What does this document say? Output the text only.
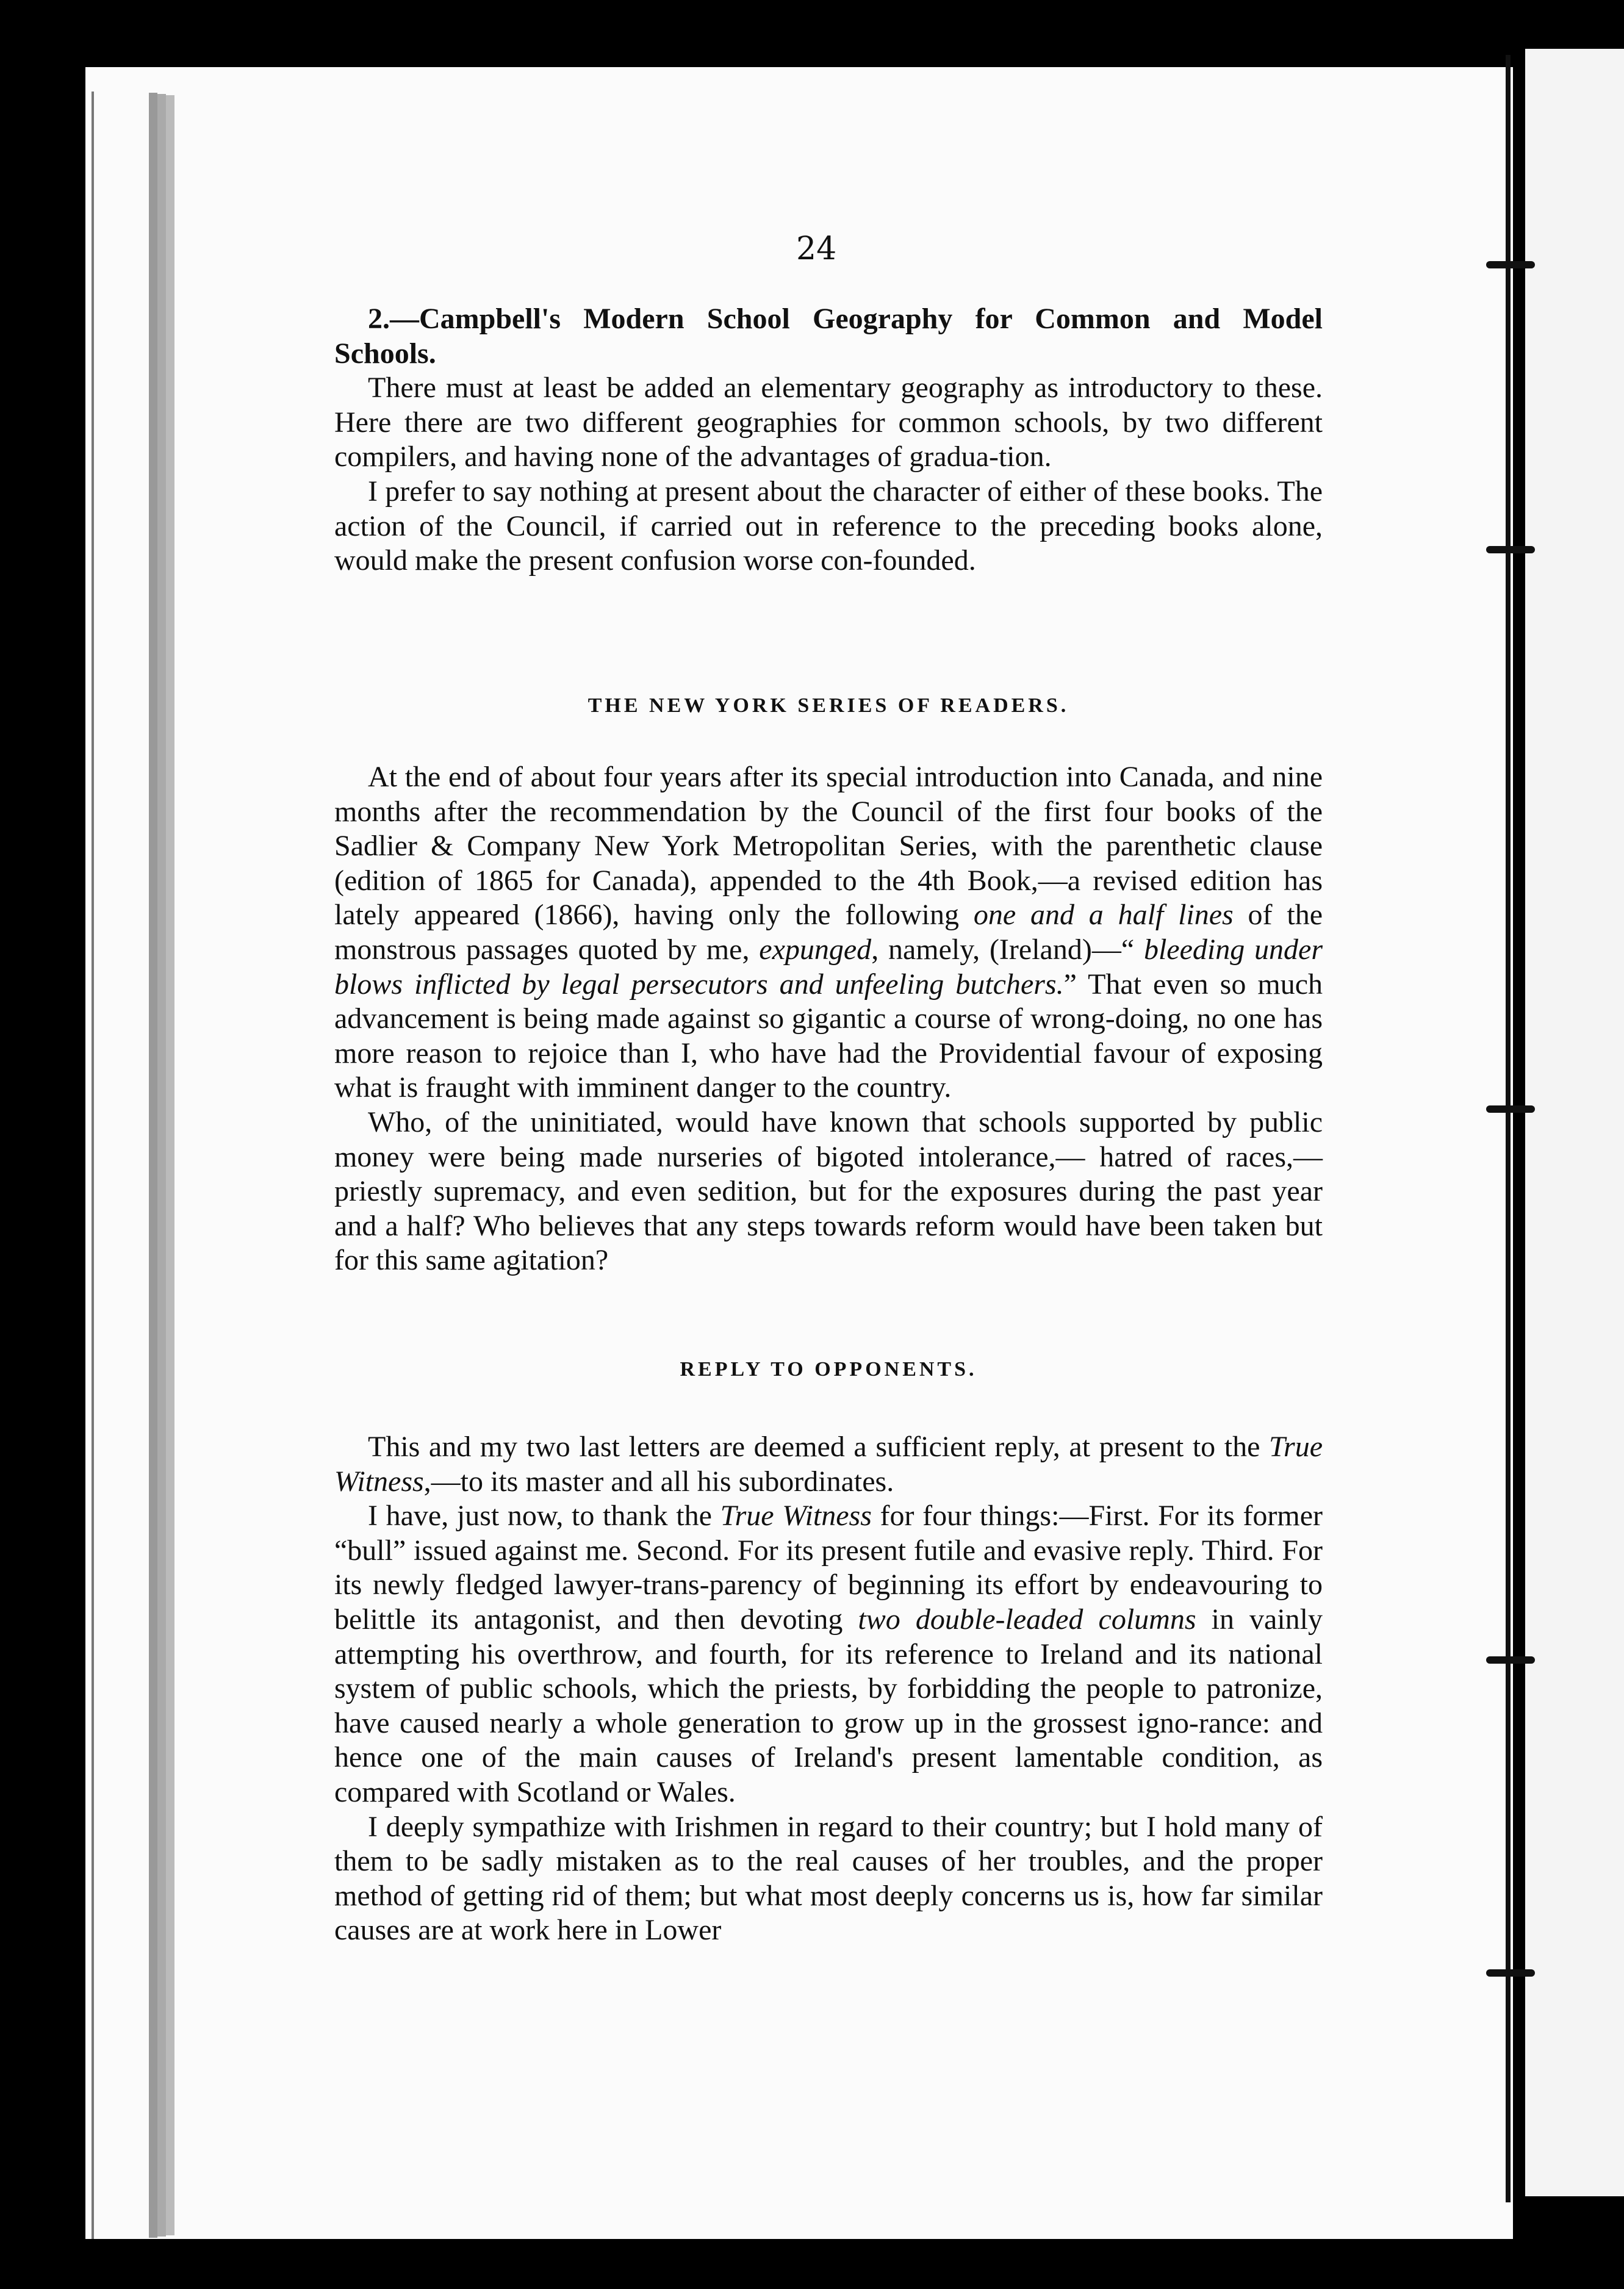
24

2.—Campbell's Modern School Geography for Common and Model Schools.

There must at least be added an elementary geography as introductory to these. Here there are two different geographies for common schools, by two different compilers, and having none of the advantages of gradua-tion.

I prefer to say nothing at present about the character of either of these books. The action of the Council, if carried out in reference to the preceding books alone, would make the present confusion worse con-founded.

THE NEW YORK SERIES OF READERS.

At the end of about four years after its special introduction into Canada, and nine months after the recommendation by the Council of the first four books of the Sadlier & Company New York Metropolitan Series, with the parenthetic clause (edition of 1865 for Canada), appended to the 4th Book,—a revised edition has lately appeared (1866), having only the following one and a half lines of the monstrous passages quoted by me, expunged, namely, (Ireland)—“ bleeding under blows inflicted by legal persecutors and unfeeling butchers.” That even so much advancement is being made against so gigantic a course of wrong-doing, no one has more reason to rejoice than I, who have had the Providential favour of exposing what is fraught with imminent danger to the country.

Who, of the uninitiated, would have known that schools supported by public money were being made nurseries of bigoted intolerance,— hatred of races,—priestly supremacy, and even sedition, but for the exposures during the past year and a half? Who believes that any steps towards reform would have been taken but for this same agitation?

REPLY TO OPPONENTS.

This and my two last letters are deemed a sufficient reply, at present to the True Witness,—to its master and all his subordinates.

I have, just now, to thank the True Witness for four things:—First. For its former “bull” issued against me. Second. For its present futile and evasive reply. Third. For its newly fledged lawyer-trans-parency of beginning its effort by endeavouring to belittle its antagonist, and then devoting two double-leaded columns in vainly attempting his overthrow, and fourth, for its reference to Ireland and its national system of public schools, which the priests, by forbidding the people to patronize, have caused nearly a whole generation to grow up in the grossest igno-rance: and hence one of the main causes of Ireland's present lamentable condition, as compared with Scotland or Wales.

I deeply sympathize with Irishmen in regard to their country; but I hold many of them to be sadly mistaken as to the real causes of her troubles, and the proper method of getting rid of them; but what most deeply concerns us is, how far similar causes are at work here in Lower
